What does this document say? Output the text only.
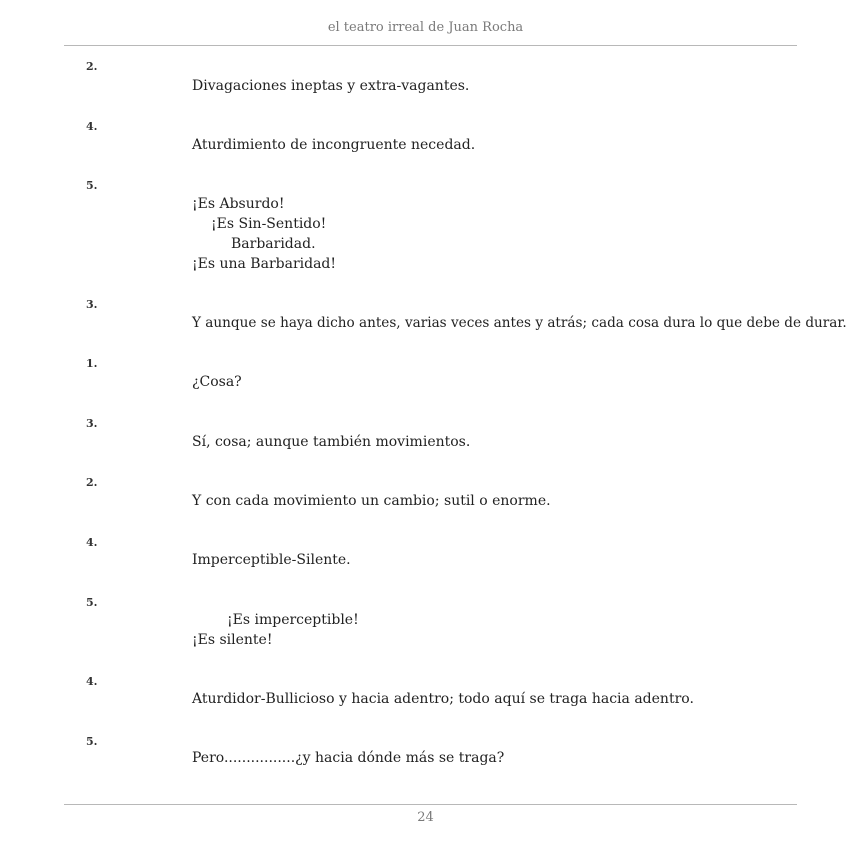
el teatro irreal de Juan Rocha
2.
Divagaciones ineptas y extra-vagantes.
4.
Aturdimiento de incongruente necedad.
5.
¡Es Absurdo!
¡Es Sin-Sentido!
Barbaridad.
¡Es una Barbaridad!
3.
Y aunque se haya dicho antes, varias veces antes y atrás; cada cosa dura lo que debe de durar.
1.
¿Cosa?
3.
Sí, cosa; aunque también movimientos.
2.
Y con cada movimiento un cambio; sutil o enorme.
4.
Imperceptible-Silente.
5.
¡Es imperceptible!
¡Es silente!
4.
Aturdidor-Bullicioso y hacia adentro; todo aquí se traga hacia adentro.
5.
Pero................¿y hacia dónde más se traga?
24
